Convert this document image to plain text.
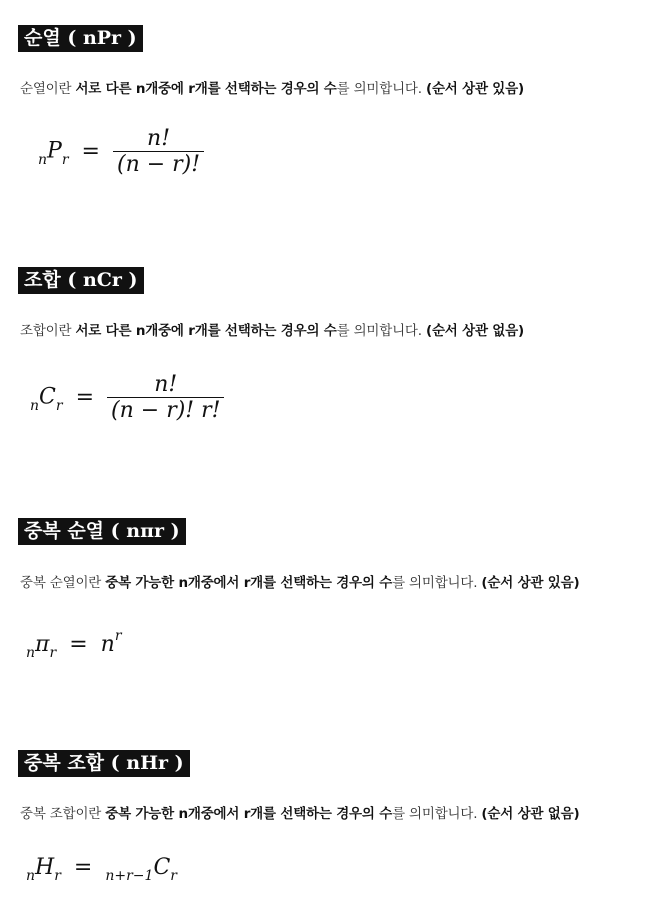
순열 ( nPr )
순열이란 서로 다른 n개중에 r개를 선택하는 경우의 수를 의미합니다. (순서 상관 있음)
$_nP_r = \frac{n!}{(n - r)!}$
조합 ( nCr )
조합이란 서로 다른 n개중에 r개를 선택하는 경우의 수를 의미합니다. (순서 상관 없음)
$_nC_r = \frac{n!}{(n - r)! r!}$
중복 순열 ( nπr )
중복 순열이란 중복 가능한 n개중에서 r개를 선택하는 경우의 수를 의미합니다. (순서 상관 있음)
$_n\pi_r = n^r$
중복 조합 ( nHr )
중복 조합이란 중복 가능한 n개중에서 r개를 선택하는 경우의 수를 의미합니다. (순서 상관 없음)
$_nH_r = _{n+r-1}C_r$
